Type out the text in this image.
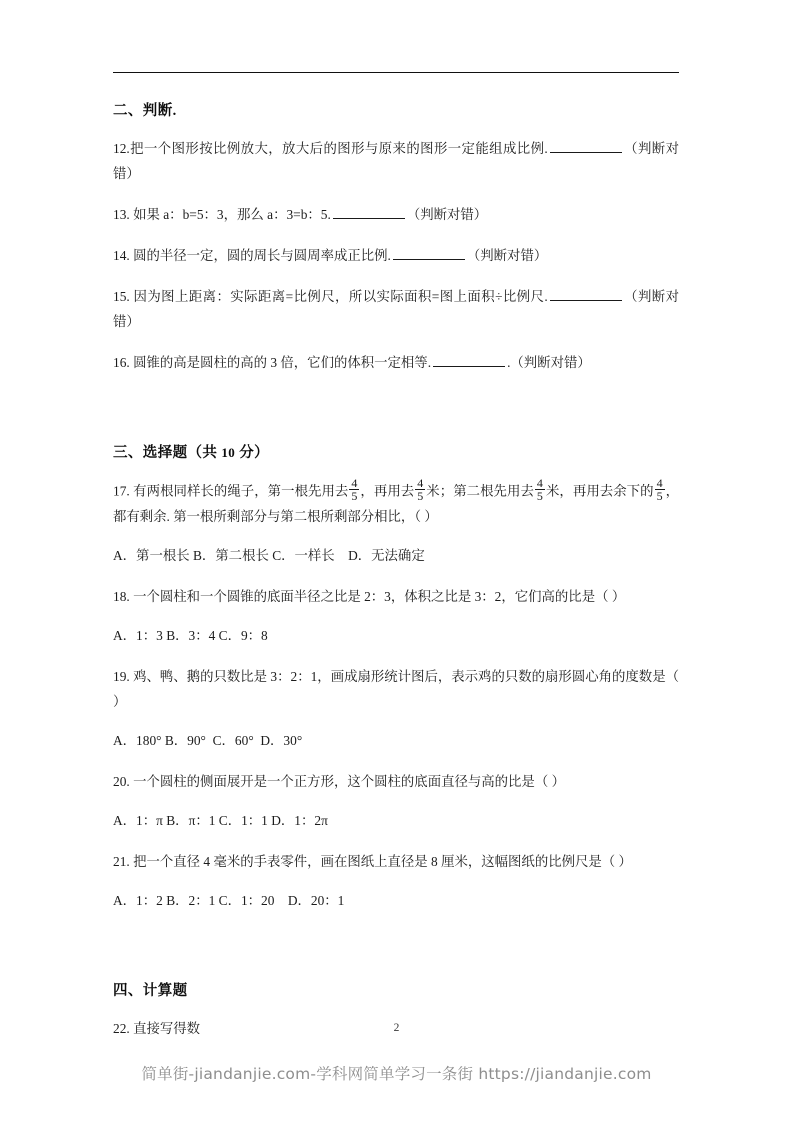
二、判断.
12.把一个图形按比例放大，放大后的图形与原来的图形一定能组成比例.	（判断对错）
13. 如果 a：b=5：3，那么 a：3=b：5.	（判断对错）
14. 圆的半径一定，圆的周长与圆周率成正比例.	（判断对错）
15. 因为图上距离：实际距离=比例尺，所以实际面积=图上面积÷比例尺.	（判断对错）
16. 圆锥的高是圆柱的高的 3 倍，它们的体积一定相等.	.（判断对错）
三、选择题（共 10 分）
17. 有两根同样长的绳子，第一根先用去 $\frac{4}{5}$ ，再用去 $\frac{4}{5}$ 米；第二根先用去 $\frac{4}{5}$ 米，再用去余下的 $\frac{4}{5}$ ，都有剩余. 第一根所剩部分与第二根所剩部分相比，（ ）
A．第一根长 B．第二根长 C．一样长    D．无法确定
18. 一个圆柱和一个圆锥的底面半径之比是 2：3，体积之比是 3：2，它们高的比是（ ）
A．1：3 B．3：4 C．9：8
19. 鸡、鸭、鹅的只数比是 3：2：1，画成扇形统计图后，表示鸡的只数的扇形圆心角的度数是（ ）
A．180° B．90°  C．60°  D．30°
20. 一个圆柱的侧面展开是一个正方形，这个圆柱的底面直径与高的比是（ ）
A．1：π B．π：1 C．1：1 D．1：2π
21. 把一个直径 4 毫米的手表零件，画在图纸上直径是 8 厘米，这幅图纸的比例尺是（ ）
A．1：2 B．2：1 C．1：20    D．20：1
四、计算题
22. 直接写得数	2
简单街-jiandanjie.com-学科网简单学习一条街 https://jiandanjie.com
